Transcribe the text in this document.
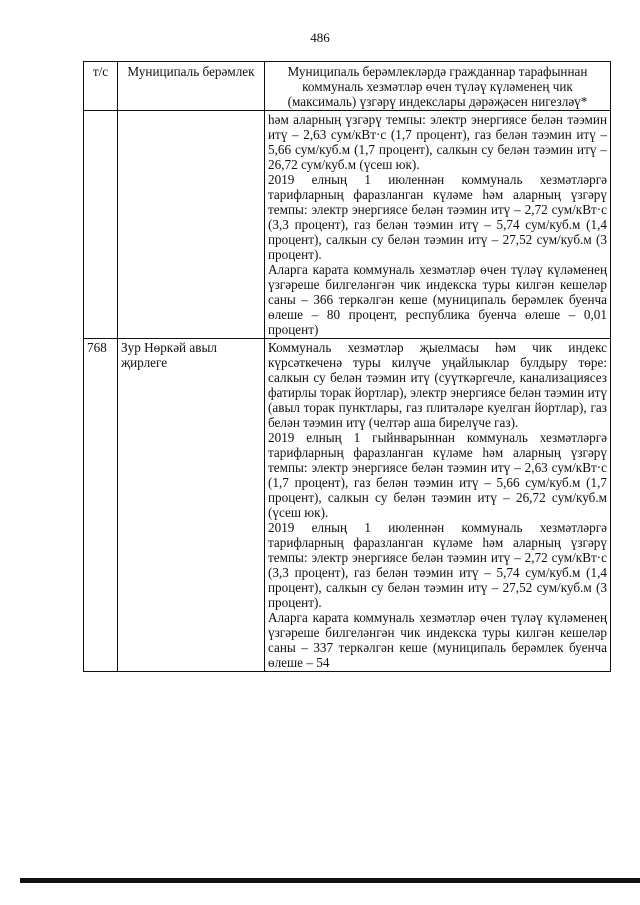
486
т/с	Муниципаль берәмлек	Муниципаль берәмлекләрдә гражданнар тарафыннан коммуналь хезмәтләр өчен түләү күләменең чик (максималь) үзгәрү индекслары дәрәҗәсен нигезләү*

		һәм аларның үзгәрү темпы: электр энергиясе белән тәэмин итү – 2,63 сум/кВт·с (1,7 процент), газ белән тәэмин итү – 5,66 сум/куб.м (1,7 процент), салкын су белән тәэмин итү – 26,72 сум/куб.м (үсеш юк).

2019 елның 1 июленнән коммуналь хезмәтләргә тарифларның фаразланган күләме һәм аларның үзгәрү темпы: электр энергиясе белән тәэмин итү – 2,72 сум/кВт·с (3,3 процент), газ белән тәэмин итү – 5,74 сум/куб.м (1,4 процент), салкын су белән тәэмин итү – 27,52 сум/куб.м (3 процент).

Аларга карата коммуналь хезмәтләр өчен түләү күләменең үзгәреше билгеләнгән чик индекска туры килгән кешеләр саны – 366 теркәлгән кеше (муниципаль берәмлек буенча өлеше – 80 процент, республика буенча өлеше – 0,01 процент)

768	Зур Нөркәй авыл җирлеге	Коммуналь хезмәтләр җыелмасы һәм чик индекс күрсәткеченә туры килүче уңайлыклар булдыру төре: салкын су белән тәэмин итү (суүткәргечле, канализациясез фатирлы торак йортлар), электр энергиясе белән тәэмин итү (авыл торак пунктлары, газ плитәләре куелган йортлар), газ белән тәэмин итү (челтәр аша бирелүче газ).

2019 елның 1 гыйнварыннан коммуналь хезмәтләргә тарифларның фаразланган күләме һәм аларның үзгәрү темпы: электр энергиясе белән тәэмин итү – 2,63 сум/кВт·с (1,7 процент), газ белән тәэмин итү – 5,66 сум/куб.м (1,7 процент), салкын су белән тәэмин итү – 26,72 сум/куб.м (үсеш юк).

2019 елның 1 июленнән коммуналь хезмәтләргә тарифларның фаразланган күләме һәм аларның үзгәрү темпы: электр энергиясе белән тәэмин итү – 2,72 сум/кВт·с (3,3 процент), газ белән тәэмин итү – 5,74 сум/куб.м (1,4 процент), салкын су белән тәэмин итү – 27,52 сум/куб.м (3 процент).

Аларга карата коммуналь хезмәтләр өчен түләү күләменең үзгәреше билгеләнгән чик индекска туры килгән кешеләр саны – 337 теркәлгән кеше (муниципаль берәмлек буенча өлеше – 54
